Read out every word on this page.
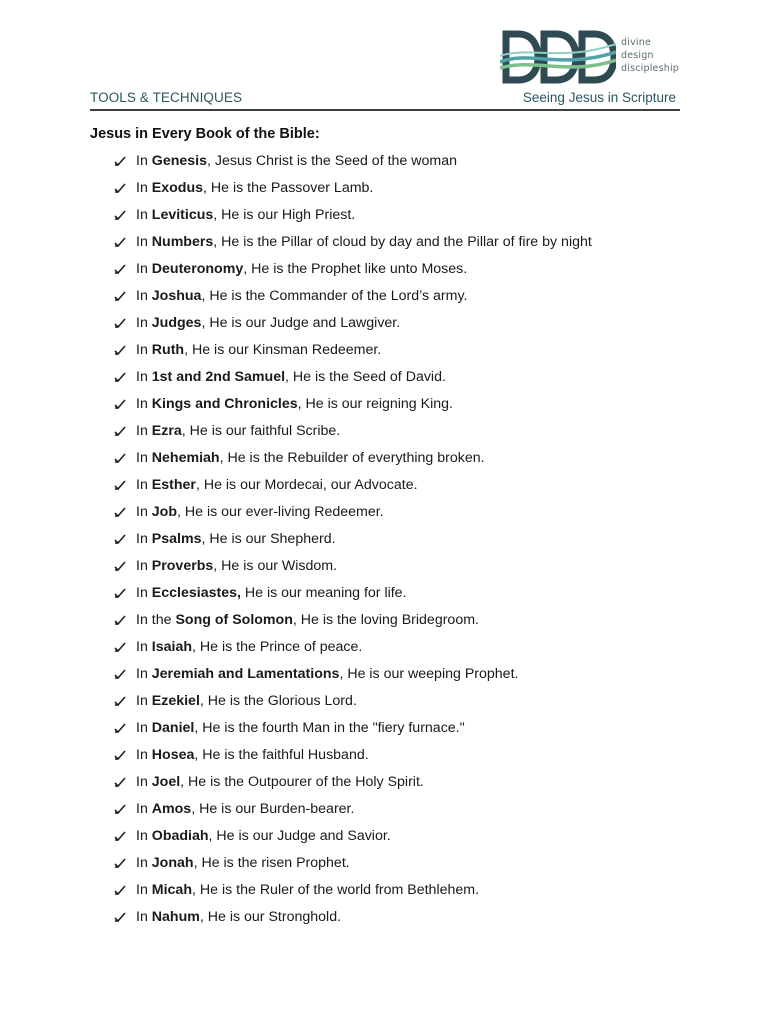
divine
design
discipleship
TOOLS & TECHNIQUES	Seeing Jesus in Scripture
Jesus in Every Book of the Bible:
In Genesis, Jesus Christ is the Seed of the woman
In Exodus, He is the Passover Lamb.
In Leviticus, He is our High Priest.
In Numbers, He is the Pillar of cloud by day and the Pillar of fire by night
In Deuteronomy, He is the Prophet like unto Moses.
In Joshua, He is the Commander of the Lord’s army.
In Judges, He is our Judge and Lawgiver.
In Ruth, He is our Kinsman Redeemer.
In 1st and 2nd Samuel, He is the Seed of David.
In Kings and Chronicles, He is our reigning King.
In Ezra, He is our faithful Scribe.
In Nehemiah, He is the Rebuilder of everything broken.
In Esther, He is our Mordecai, our Advocate.
In Job, He is our ever-living Redeemer.
In Psalms, He is our Shepherd.
In Proverbs, He is our Wisdom.
In Ecclesiastes, He is our meaning for life.
In the Song of Solomon, He is the loving Bridegroom.
In Isaiah, He is the Prince of peace.
In Jeremiah and Lamentations, He is our weeping Prophet.
In Ezekiel, He is the Glorious Lord.
In Daniel, He is the fourth Man in the "fiery furnace."
In Hosea, He is the faithful Husband.
In Joel, He is the Outpourer of the Holy Spirit.
In Amos, He is our Burden-bearer.
In Obadiah, He is our Judge and Savior.
In Jonah, He is the risen Prophet.
In Micah, He is the Ruler of the world from Bethlehem.
In Nahum, He is our Stronghold.
